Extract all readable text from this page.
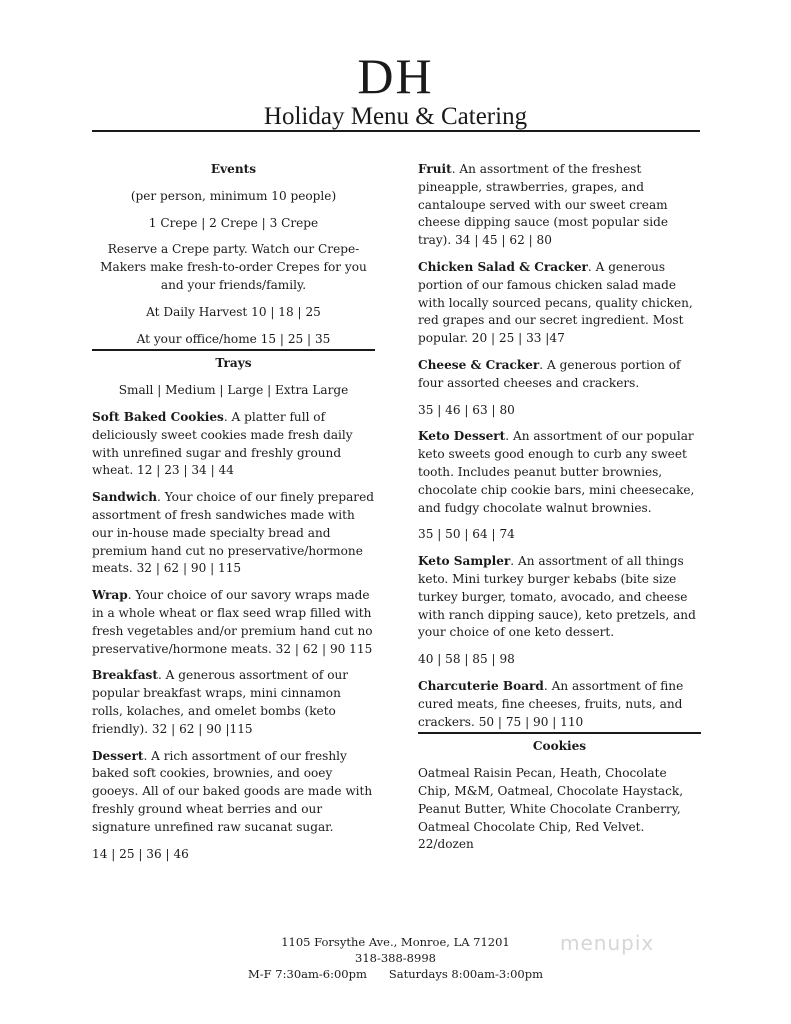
DH
Holiday Menu & Catering
Events

(per person, minimum 10 people)

1 Crepe | 2 Crepe | 3 Crepe

Reserve a Crepe party. Watch our Crepe-Makers make fresh-to-order Crepes for you and your friends/family.

At Daily Harvest 10 | 18 | 25

At your office/home 15 | 25 | 35

Trays

Small | Medium | Large | Extra Large

Soft Baked Cookies. A platter full of deliciously sweet cookies made fresh daily with unrefined sugar and freshly ground wheat. 12 | 23 | 34 | 44

Sandwich. Your choice of our finely prepared assortment of fresh sandwiches made with our in-house made specialty bread and premium hand cut no preservative/hormone meats. 32 | 62 | 90 | 115

Wrap. Your choice of our savory wraps made in a whole wheat or flax seed wrap filled with fresh vegetables and/or premium hand cut no preservative/hormone meats. 32 | 62 | 90 115

Breakfast. A generous assortment of our popular breakfast wraps, mini cinnamon rolls, kolaches, and omelet bombs (keto friendly). 32 | 62 | 90 |115

Dessert. A rich assortment of our freshly baked soft cookies, brownies, and ooey gooeys. All of our baked goods are made with freshly ground wheat berries and our signature unrefined raw sucanat sugar.

14 | 25 | 36 | 46

Fruit. An assortment of the freshest pineapple, strawberries, grapes, and cantaloupe served with our sweet cream cheese dipping sauce (most popular side tray). 34 | 45 | 62 | 80

Chicken Salad & Cracker. A generous portion of our famous chicken salad made with locally sourced pecans, quality chicken, red grapes and our secret ingredient. Most popular. 20 | 25 | 33 |47

Cheese & Cracker. A generous portion of four assorted cheeses and crackers.

35 | 46 | 63 | 80

Keto Dessert. An assortment of our popular keto sweets good enough to curb any sweet tooth. Includes peanut butter brownies, chocolate chip cookie bars, mini cheesecake, and fudgy chocolate walnut brownies.

35 | 50 | 64 | 74

Keto Sampler. An assortment of all things keto. Mini turkey burger kebabs (bite size turkey burger, tomato, avocado, and cheese with ranch dipping sauce), keto pretzels, and your choice of one keto dessert.

40 | 58 | 85 | 98

Charcuterie Board. An assortment of fine cured meats, fine cheeses, fruits, nuts, and crackers. 50 | 75 | 90 | 110

Cookies
Oatmeal Raisin Pecan, Heath, Chocolate Chip, M&M, Oatmeal, Chocolate Haystack, Peanut Butter, White Chocolate Cranberry, Oatmeal Chocolate Chip, Red Velvet.
22/dozen
1105 Forsythe Ave., Monroe, LA 71201
318-388-8998
M-F 7:30am-6:00pm Saturdays 8:00am-3:00pm
menupix
